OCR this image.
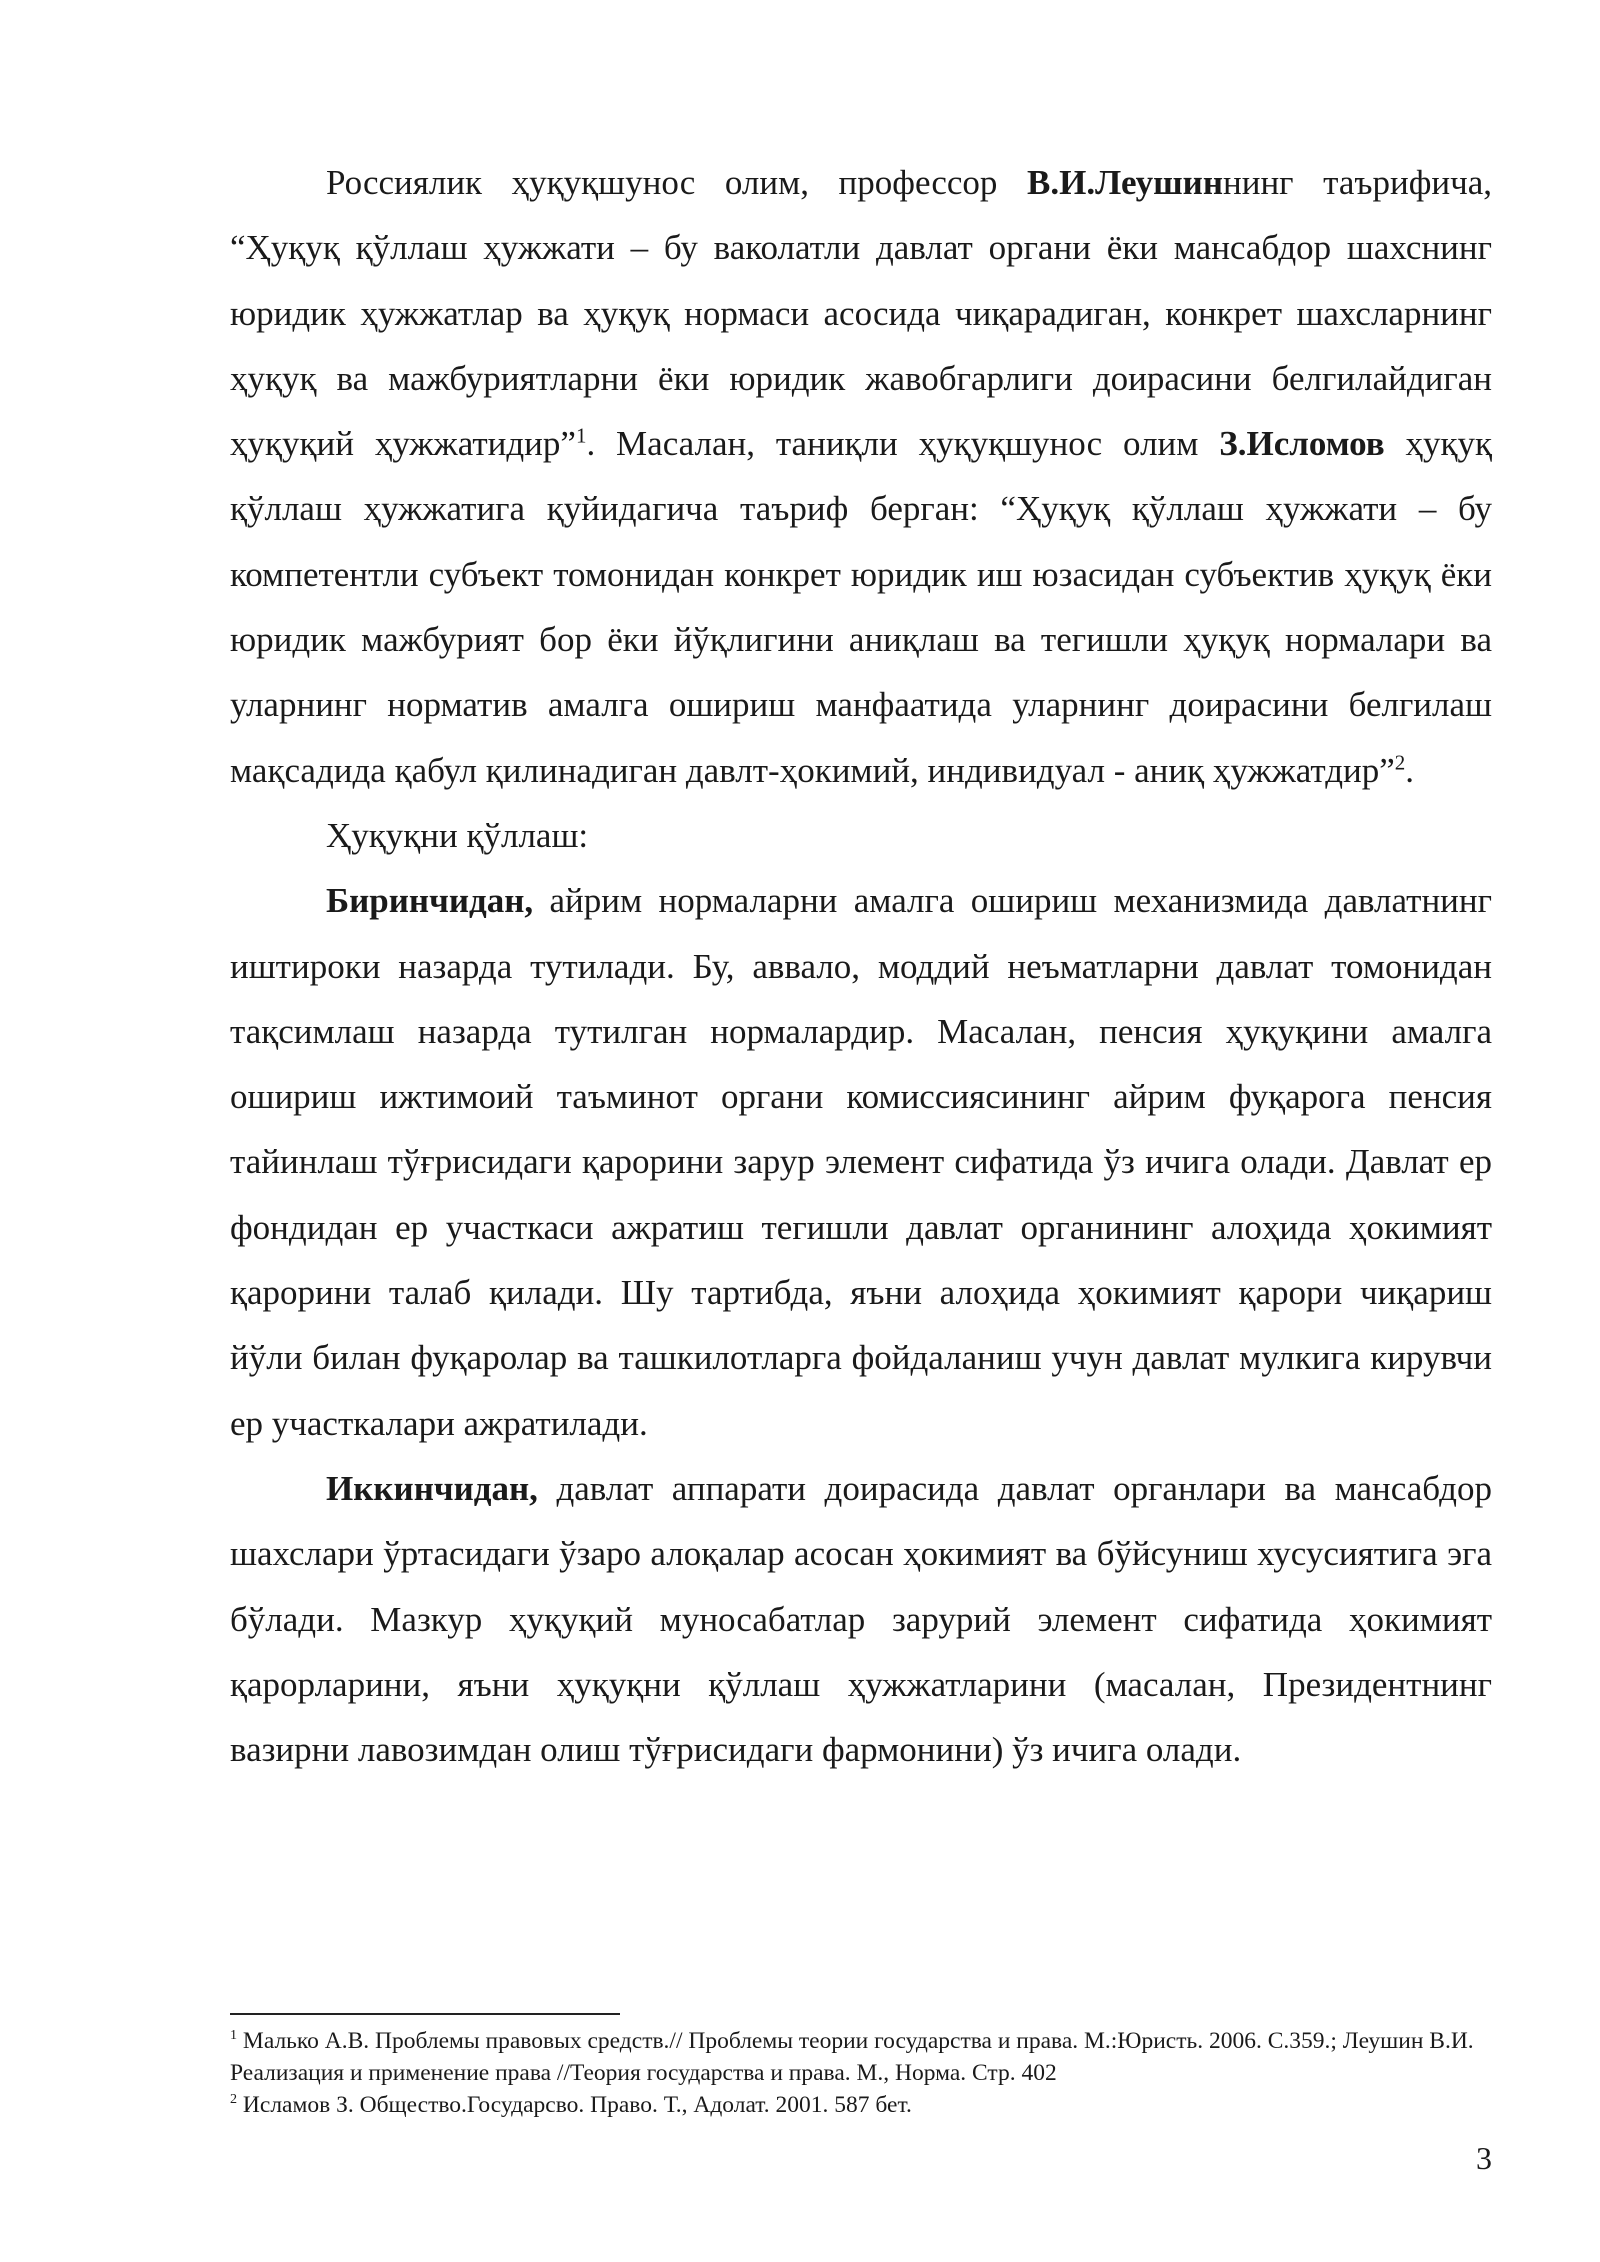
Россиялик ҳуқуқшунос олим, профессор В.И.Леушиннинг таърифича, “Ҳуқуқ қўллаш ҳужжати – бу ваколатли давлат органи ёки мансабдор шахснинг юридик ҳужжатлар ва ҳуқуқ нормаси асосида чиқарадиган, конкрет шахсларнинг ҳуқуқ ва мажбуриятларни ёки юридик жавобгарлиги доирасини белгилайдиган ҳуқуқий ҳужжатидир”$^1$. Масалан, таниқли ҳуқуқшунос олим З.Исломов ҳуқуқ қўллаш ҳужжатига қуйидагича таъриф берган: “Ҳуқуқ қўллаш ҳужжати – бу компетентли субъект томонидан конкрет юридик иш юзасидан субъектив ҳуқуқ ёки юридик мажбурият бор ёки йўқлигини аниқлаш ва тегишли ҳуқуқ нормалари ва уларнинг норматив амалга ошириш манфаатида уларнинг доирасини белгилаш мақсадида қабул қилинадиган давлт-ҳокимий, индивидуал - аниқ ҳужжатдир”$^2$.

Ҳуқуқни қўллаш:

Биринчидан, айрим нормаларни амалга ошириш механизмида давлатнинг иштироки назарда тутилади. Бу, аввало, моддий неъматларни давлат томонидан тақсимлаш назарда тутилган нормалардир. Масалан, пенсия ҳуқуқини амалга ошириш ижтимоий таъминот органи комиссиясининг айрим фуқарога пенсия тайинлаш тўғрисидаги қарорини зарур элемент сифатида ўз ичига олади. Давлат ер фондидан ер участкаси ажратиш тегишли давлат органининг алоҳида ҳокимият қарорини талаб қилади. Шу тартибда, яъни алоҳида ҳокимият қарори чиқариш йўли билан фуқаролар ва ташкилотларга фойдаланиш учун давлат мулкига кирувчи ер участкалари ажратилади.

Иккинчидан, давлат аппарати доирасида давлат органлари ва мансабдор шахслари ўртасидаги ўзаро алоқалар асосан ҳокимият ва бўйсуниш хусусиятига эга бўлади. Мазкур ҳуқуқий муносабатлар зарурий элемент сифатида ҳокимият қарорларини, яъни ҳуқуқни қўллаш ҳужжатларини (масалан, Президентнинг вазирни лавозимдан олиш тўғрисидаги фармонини) ўз ичига олади.

$^1$ Малько А.В. Проблемы правовых средств.// Проблемы теории государства и права. М.:Юристь. 2006. С.359.; Леушин В.И. Реализация и применение права //Теория государства и права. М., Норма. Стр. 402

$^2$ Исламов З. Общество.Государсво. Право. Т., Адолат. 2001. 587 бет.

3
